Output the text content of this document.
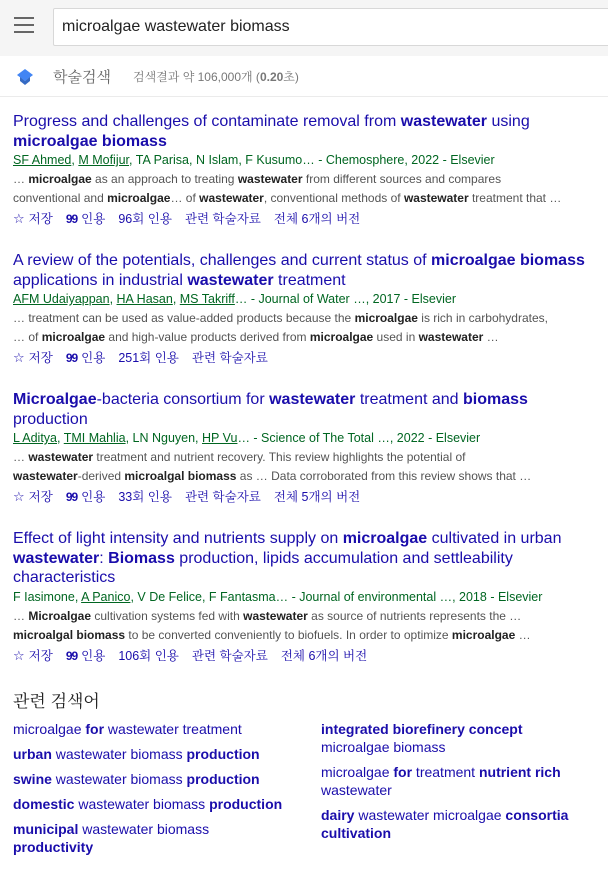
microalgae wastewater biomass
학술검색 검색결과 약 106,000개 (0.20초)
Progress and challenges of contaminate removal from wastewater using
microalgae biomass
SF Ahmed, M Mofijur, TA Parisa, N Islam, F Kusumo… - Chemosphere, 2022 - Elsevier
… microalgae as an approach to treating wastewater from different sources and compares
conventional and microalgae… of wastewater, conventional methods of wastewater treatment that …
☆ 저장 99 인용 96회 인용 관련 학술자료 전체 6개의 버전
A review of the potentials, challenges and current status of microalgae biomass
applications in industrial wastewater treatment
AFM Udaiyappan, HA Hasan, MS Takriff… - Journal of Water …, 2017 - Elsevier
… treatment can be used as value-added products because the microalgae is rich in carbohydrates,
… of microalgae and high-value products derived from microalgae used in wastewater …
☆ 저장 99 인용 251회 인용 관련 학술자료
Microalgae-bacteria consortium for wastewater treatment and biomass
production
L Aditya, TMI Mahlia, LN Nguyen, HP Vu… - Science of The Total …, 2022 - Elsevier
… wastewater treatment and nutrient recovery. This review highlights the potential of
wastewater-derived microalgal biomass as … Data corroborated from this review shows that …
☆ 저장 99 인용 33회 인용 관련 학술자료 전체 5개의 버전
Effect of light intensity and nutrients supply on microalgae cultivated in urban
wastewater: Biomass production, lipids accumulation and settleability
characteristics
F Iasimone, A Panico, V De Felice, F Fantasma… - Journal of environmental …, 2018 - Elsevier
… Microalgae cultivation systems fed with wastewater as source of nutrients represents the …
microalgal biomass to be converted conveniently to biofuels. In order to optimize microalgae …
☆ 저장 99 인용 106회 인용 관련 학술자료 전체 6개의 버전
관련 검색어
microalgae for wastewater treatment
urban wastewater biomass production
swine wastewater biomass production
domestic wastewater biomass production
municipal wastewater biomass
productivity
integrated biorefinery concept
microalgae biomass
microalgae for treatment nutrient rich
wastewater
dairy wastewater microalgae consortia
cultivation
